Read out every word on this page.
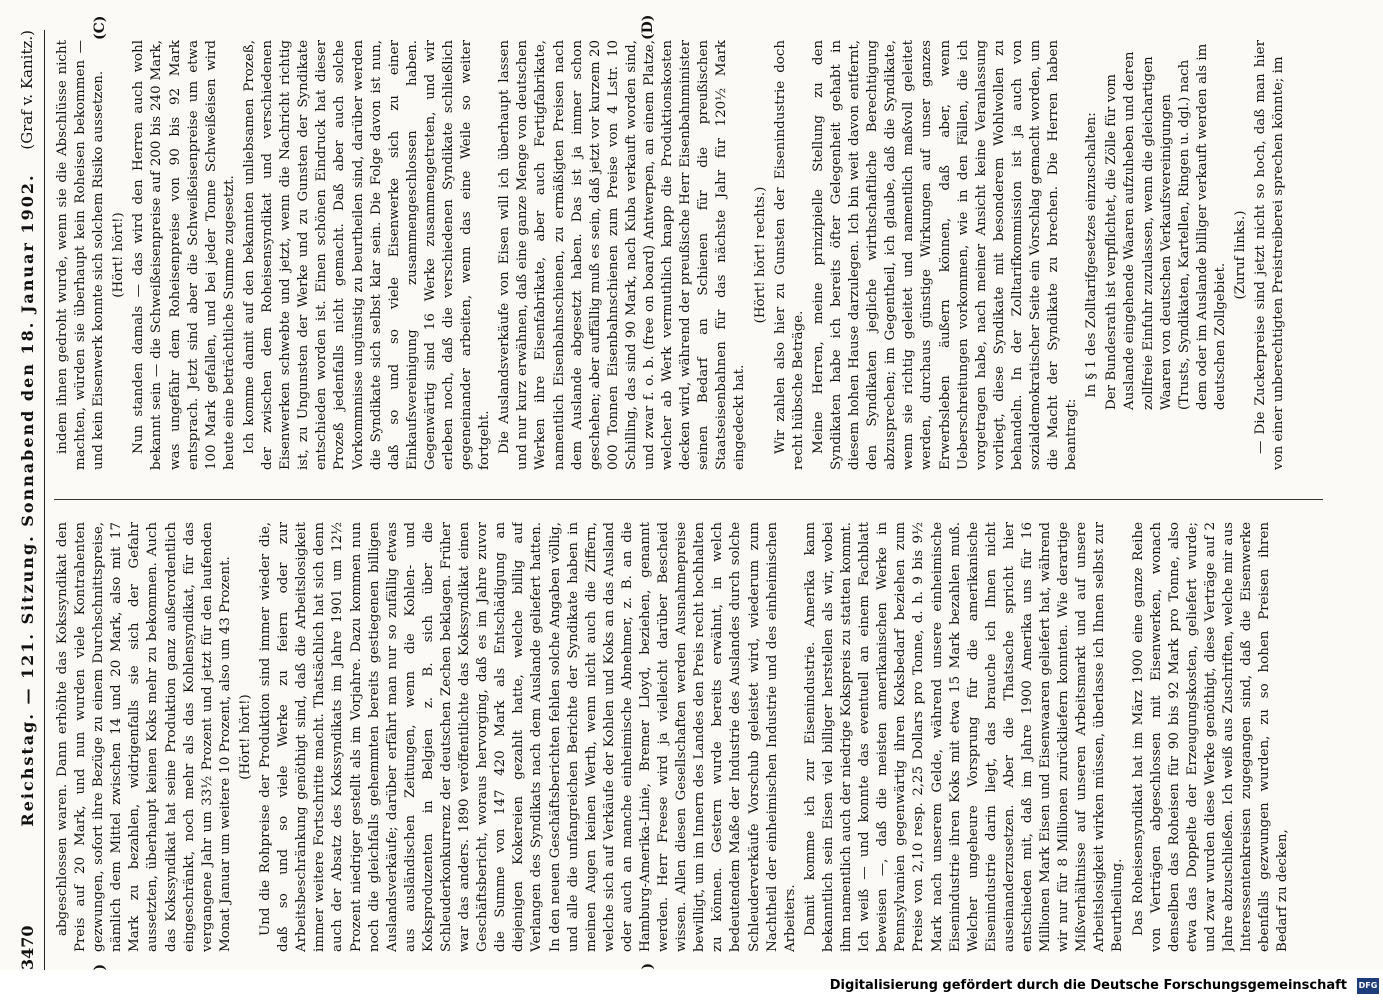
3470
Reichstag. — 121. Sitzung. Sonnabend den 18. Januar 1902.
(Graf v. Kanitz.)
(C)	(D)

abgeschlossen waren. Dann erhöhte das Kokssyndikat den Preis auf 20 Mark, und nun wurden viele Kontrahenten gezwungen, sofort ihre Bezüge zu einem Durchschnittspreise, nämlich dem Mittel zwischen 14 und 20 Mark, also mit 17 Mark zu bezahlen, widrigenfalls sie sich der Gefahr aussetzten, überhaupt keinen Koks mehr zu bekommen. Auch das Kokssyndikat hat seine Produktion ganz außerordentlich eingeschränkt, noch mehr als das Kohlensyndikat, für das vergangene Jahr um 33½ Prozent und jetzt für den laufenden Monat Januar um weitere 10 Prozent, also um 43 Prozent. (Hört! hört!) Und die Rohpreise der Produktion sind immer wieder die, daß so und so viele Werke zu feiern oder zur Arbeitsbeschränkung genöthigt sind, daß die Arbeitslosigkeit immer weitere Fortschritte macht. Thatsächlich hat sich denn auch der Absatz des Kokssyndikats im Jahre 1901 um 12½ Prozent niedriger gestellt als im Vorjahre. Dazu kommen nun noch die gleichfalls gehemmten bereits gestiegenen billigen Auslandsverkäufe; darüber erfährt man nur so zufällig etwas aus ausländischen Zeitungen, wenn die Kohlen- und Koksproduzenten in Belgien z. B. sich über die Schleuderkonkurrenz der deutschen Zechen beklagen. Früher war das anders. 1890 veröffentlichte das Kokssyndikat einen Geschäftsbericht, woraus hervorging, daß es im Jahre zuvor die Summe von 147 420 Mark als Entschädigung an diejenigen Kokereien gezahlt hatte, welche billig auf Verlangen des Syndikats nach dem Auslande geliefert hatten. In den neuen Geschäftsberichten fehlen solche Angaben völlig, und alle die unfangreichen Berichte der Syndikate haben in meinen Augen keinen Werth, wenn nicht auch die Ziffern, welche sich auf Verkäufe der Kohlen und Koks an das Ausland oder auch an manche einheimische Abnehmer, z. B. an die Hamburg-Amerika-Linie, Bremer Lloyd, beziehen, genannt werden. Herr Freese wird ja vielleicht darüber Bescheid wissen. Allen diesen Gesellschaften werden Ausnahmepreise bewilligt, um im Innern des Landes den Preis recht hochhalten zu können. Gestern wurde bereits erwähnt, in welch bedeutendem Maße der Industrie des Auslandes durch solche Schleuderverkäufe Vorschub geleistet wird, wiederum zum Nachtheil der einheimischen Industrie und des einheimischen Arbeiters. Damit komme ich zur Eisenindustrie. Amerika kann bekanntlich sein Eisen viel billiger herstellen als wir, wobei ihm namentlich auch der niedrige Kokspreis zu statten kommt. Ich weiß — und konnte das eventuell an einem Fachblatt beweisen —, daß die meisten amerikanischen Werke in Pennsylvanien gegenwärtig ihren Koksbedarf beziehen zum Preise von 2,10 resp. 2,25 Dollars pro Tonne, d. h. 9 bis 9½ Mark nach unserem Gelde, während unsere einheimische Eisenindustrie ihren Koks mit etwa 15 Mark bezahlen muß. Welcher ungeheure Vorsprung für die amerikanische Eisenindustrie darin liegt, das brauche ich Ihnen nicht auseinanderzusetzen. Aber die Thatsache spricht hier entschieden mit, daß im Jahre 1900 Amerika uns für 16 Millionen Mark Eisen und Eisenwaaren geliefert hat, während wir nur für 8 Millionen zurückliefern konnten. Wie derartige Mißverhältnisse auf unseren Arbeitsmarkt und auf unsere Arbeitslosigkeit wirken müssen, überlasse ich Ihnen selbst zur Beurtheilung. Das Roheisensyndikat hat im März 1900 eine ganze Reihe von Verträgen abgeschlossen mit Eisenwerken, wonach denselben das Roheisen für 90 bis 92 Mark pro Tonne, also etwa das Doppelte der Erzeugungskosten, geliefert wurde; und zwar wurden diese Werke genöthigt, diese Verträge auf 2 Jahre abzuschließen. Ich weiß aus Zuschriften, welche mir aus Interessentenkreisen zugegangen sind, daß die Eisenwerke ebenfalls gezwungen wurden, zu so hohen Preisen ihren Bedarf zu decken,

indem ihnen gedroht wurde, wenn sie die Abschlüsse nicht machten, würden sie überhaupt kein Roheisen bekommen — und kein Eisenwerk konnte sich solchem Risiko aussetzen. (Hört! hört!) Nun standen damals — das wird den Herren auch wohl bekannt sein — die Schweißeisenpreise auf 200 bis 240 Mark, was ungefähr dem Roheisenpreise von 90 bis 92 Mark entsprach. Jetzt sind aber die Schweißeisenpreise um etwa 100 Mark gefallen, und bei jeder Tonne Schweißeisen wird heute eine beträchtliche Summe zugesetzt. Ich komme damit auf den bekannten unliebsamen Prozeß, der zwischen dem Roheisensyndikat und verschiedenen Eisenwerken schwebte und jetzt, wenn die Nachricht richtig ist, zu Ungunsten der Werke und zu Gunsten der Syndikate entschieden worden ist. Einen schönen Eindruck hat dieser Prozeß jedenfalls nicht gemacht. Daß aber auch solche Vorkommnisse ungünstig zu beurtheilen sind, darüber werden die Syndikate sich selbst klar sein. Die Folge davon ist nun, daß so und so viele Eisenwerke sich zu einer Einkaufsvereinigung zusammengeschlossen haben. Gegenwärtig sind 16 Werke zusammengetreten, und wir erleben noch, daß die verschiedenen Syndikate schließlich gegeneinander arbeiten, wenn das eine Weile so weiter fortgeht. Die Auslandsverkäufe von Eisen will ich überhaupt lassen und nur kurz erwähnen, daß eine ganze Menge von deutschen Werken ihre Eisenfabrikate, aber auch Fertigfabrikate, namentlich Eisenbahnschienen, zu ermäßigten Preisen nach dem Auslande abgesetzt haben. Das ist ja immer schon geschehen; aber auffällig muß es sein, daß jetzt vor kurzem 20 000 Tonnen Eisenbahnschienen zum Preise von 4 Lstr. 10 Schilling, das sind 90 Mark, nach Kuba verkauft worden sind, und zwar f. o. b. (free on board) Antwerpen, an einem Platze, welcher ab Werk vermuthlich knapp die Produktionskosten decken wird, während der preußische Herr Eisenbahnminister seinen Bedarf an Schienen für die preußischen Staatseisenbahnen für das nächste Jahr für 120½ Mark eingedeckt hat.

(Hört! hört! rechts.) Wir zahlen also hier zu Gunsten der Eisenindustrie doch recht hübsche Beträge. Meine Herren, meine prinzipielle Stellung zu den Syndikaten habe ich bereits öfter Gelegenheit gehabt in diesem hohen Hause darzulegen. Ich bin weit davon entfernt, den Syndikaten jegliche wirthschaftliche Berechtigung abzusprechen; im Gegentheil, ich glaube, daß die Syndikate, wenn sie richtig geleitet und namentlich maßvoll geleitet werden, durchaus günstige Wirkungen auf unser ganzes Erwerbsleben äußern können, daß aber, wenn Ueberschreitungen vorkommen, wie in den Fällen, die ich vorgetragen habe, nach meiner Ansicht keine Veranlassung vorliegt, diese Syndikate mit besonderem Wohlwollen zu behandeln. In der Zolltarifkommission ist ja auch von sozialdemokratischer Seite ein Vorschlag gemacht worden, um die Macht der Syndikate zu brechen. Die Herren haben beantragt:

In § 1 des Zolltarifgesetzes einzuschalten: Der Bundesrath ist verpflichtet, die Zölle für vom Auslande eingehende Waaren aufzuheben und deren zollfreie Einfuhr zuzulassen, wenn die gleichartigen Waaren von deutschen Verkaufsvereinigungen (Trusts, Syndikaten, Kartellen, Ringen u. dgl.) nach dem oder im Auslande billiger verkauft werden als im deutschen Zollgebiet.

(Zuruf links.) — Die Zuckerpreise sind jetzt nicht so hoch, daß man hier von einer unberechtigten Preistreiberei sprechen könnte; im

Digitalisierung gefördert durch die Deutsche Forschungsgemeinschaft DFG
